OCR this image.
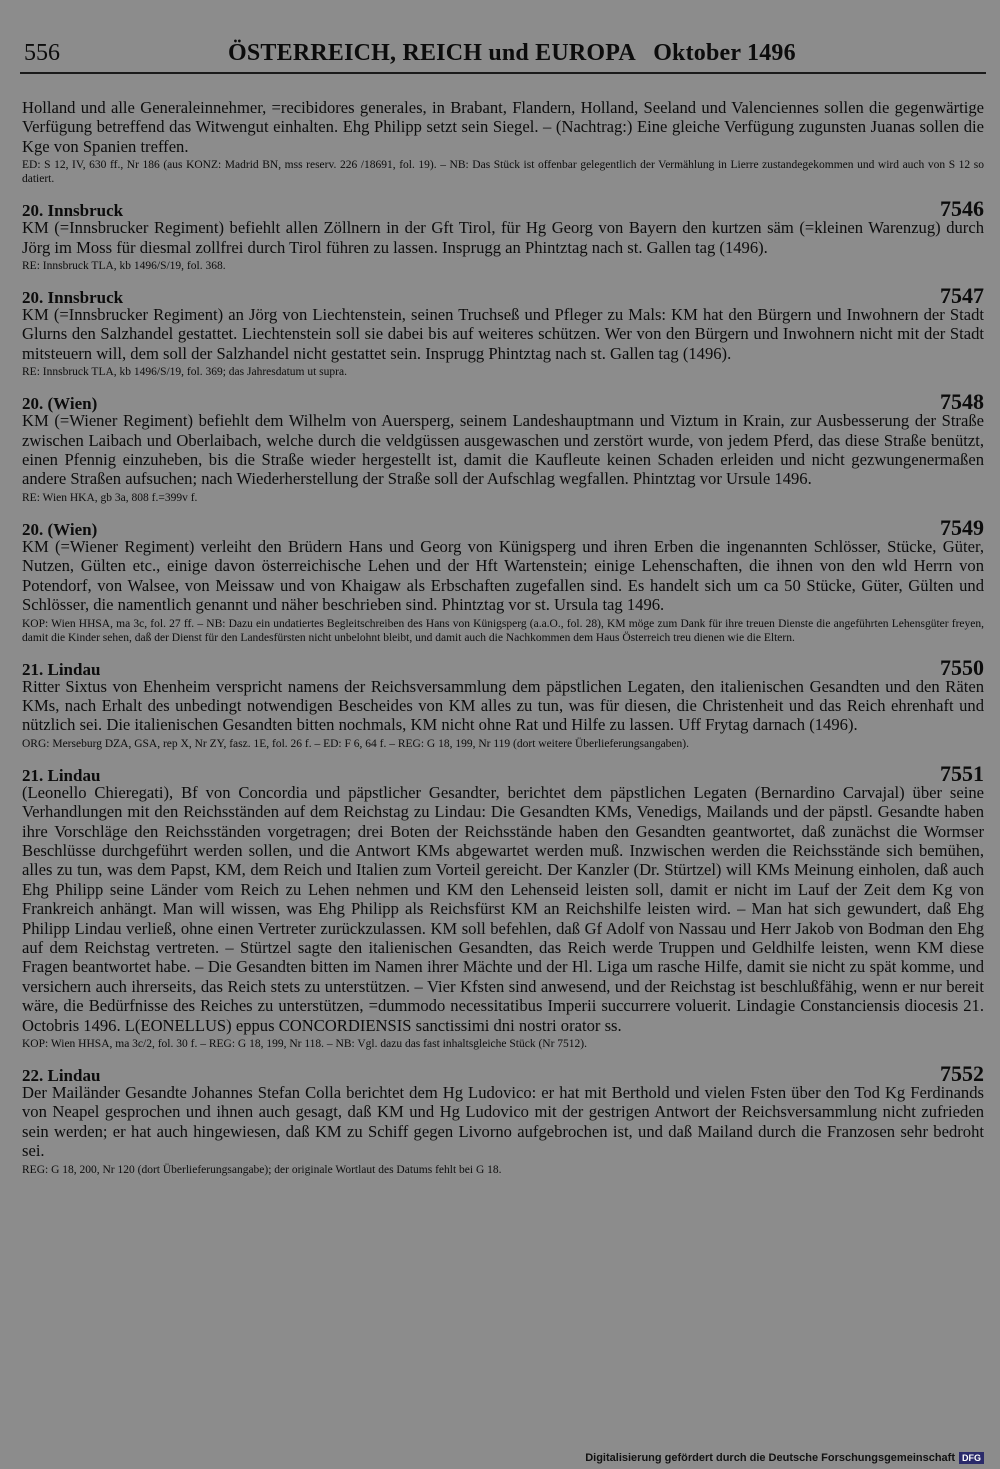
556	ÖSTERREICH, REICH und EUROPA   Oktober 1496

Holland und alle Generaleinnehmer, =recibidores generales, in Brabant, Flandern, Holland, Seeland und Valenciennes sollen die gegenwärtige Verfügung betreffend das Witwengut einhalten. Ehg Philipp setzt sein Siegel. – (Nachtrag:) Eine gleiche Verfügung zugunsten Juanas sollen die Kge von Spanien treffen.

ED: S 12, IV, 630 ff., Nr 186 (aus KONZ: Madrid BN, mss reserv. 226 /18691, fol. 19). – NB: Das Stück ist offenbar gelegentlich der Vermählung in Lierre zustandegekommen und wird auch von S 12 so datiert.

20. Innsbruck	7546

KM (=Innsbrucker Regiment) befiehlt allen Zöllnern in der Gft Tirol, für Hg Georg von Bayern den kurtzen säm (=kleinen Warenzug) durch Jörg im Moss für diesmal zollfrei durch Tirol führen zu lassen. Insprugg an Phintztag nach st. Gallen tag (1496).

RE: Innsbruck TLA, kb 1496/S/19, fol. 368.

20. Innsbruck	7547

KM (=Innsbrucker Regiment) an Jörg von Liechtenstein, seinen Truchseß und Pfleger zu Mals: KM hat den Bürgern und Inwohnern der Stadt Glurns den Salzhandel gestattet. Liechtenstein soll sie dabei bis auf weiteres schützen. Wer von den Bürgern und Inwohnern nicht mit der Stadt mitsteuern will, dem soll der Salzhandel nicht gestattet sein. Insprugg Phintztag nach st. Gallen tag (1496).

RE: Innsbruck TLA, kb 1496/S/19, fol. 369; das Jahresdatum ut supra.

20. (Wien)	7548

KM (=Wiener Regiment) befiehlt dem Wilhelm von Auersperg, seinem Landeshauptmann und Viztum in Krain, zur Ausbesserung der Straße zwischen Laibach und Oberlaibach, welche durch die veldgüssen ausgewaschen und zerstört wurde, von jedem Pferd, das diese Straße benützt, einen Pfennig einzuheben, bis die Straße wieder hergestellt ist, damit die Kaufleute keinen Schaden erleiden und nicht gezwungenermaßen andere Straßen aufsuchen; nach Wiederherstellung der Straße soll der Aufschlag wegfallen. Phintztag vor Ursule 1496.

RE: Wien HKA, gb 3a, 808 f.=399v f.

20. (Wien)	7549

KM (=Wiener Regiment) verleiht den Brüdern Hans und Georg von Künigsperg und ihren Erben die ingenannten Schlösser, Stücke, Güter, Nutzen, Gülten etc., einige davon österreichische Lehen und der Hft Wartenstein; einige Lehenschaften, die ihnen von den wld Herrn von Potendorf, von Walsee, von Meissaw und von Khaigaw als Erbschaften zugefallen sind. Es handelt sich um ca 50 Stücke, Güter, Gülten und Schlösser, die namentlich genannt und näher beschrieben sind. Phintztag vor st. Ursula tag 1496.

KOP: Wien HHSA, ma 3c, fol. 27 ff. – NB: Dazu ein undatiertes Begleitschreiben des Hans von Künigsperg (a.a.O., fol. 28), KM möge zum Dank für ihre treuen Dienste die angeführten Lehensgüter freyen, damit die Kinder sehen, daß der Dienst für den Landesfürsten nicht unbelohnt bleibt, und damit auch die Nachkommen dem Haus Österreich treu dienen wie die Eltern.

21. Lindau	7550

Ritter Sixtus von Ehenheim verspricht namens der Reichsversammlung dem päpstlichen Legaten, den italienischen Gesandten und den Räten KMs, nach Erhalt des unbedingt notwendigen Bescheides von KM alles zu tun, was für diesen, die Christenheit und das Reich ehrenhaft und nützlich sei. Die italienischen Gesandten bitten nochmals, KM nicht ohne Rat und Hilfe zu lassen. Uff Frytag darnach (1496).

ORG: Merseburg DZA, GSA, rep X, Nr ZY, fasz. 1E, fol. 26 f. – ED: F 6, 64 f. – REG: G 18, 199, Nr 119 (dort weitere Überlieferungsangaben).

21. Lindau	7551

(Leonello Chieregati), Bf von Concordia und päpstlicher Gesandter, berichtet dem päpstlichen Legaten (Bernardino Carvajal) über seine Verhandlungen mit den Reichsständen auf dem Reichstag zu Lindau: Die Gesandten KMs, Venedigs, Mailands und der päpstl. Gesandte haben ihre Vorschläge den Reichsständen vorgetragen; drei Boten der Reichsstände haben den Gesandten geantwortet, daß zunächst die Wormser Beschlüsse durchgeführt werden sollen, und die Antwort KMs abgewartet werden muß. Inzwischen werden die Reichsstände sich bemühen, alles zu tun, was dem Papst, KM, dem Reich und Italien zum Vorteil gereicht. Der Kanzler (Dr. Stürtzel) will KMs Meinung einholen, daß auch Ehg Philipp seine Länder vom Reich zu Lehen nehmen und KM den Lehenseid leisten soll, damit er nicht im Lauf der Zeit dem Kg von Frankreich anhängt. Man will wissen, was Ehg Philipp als Reichsfürst KM an Reichshilfe leisten wird. – Man hat sich gewundert, daß Ehg Philipp Lindau verließ, ohne einen Vertreter zurückzulassen. KM soll befehlen, daß Gf Adolf von Nassau und Herr Jakob von Bodman den Ehg auf dem Reichstag vertreten. – Stürtzel sagte den italienischen Gesandten, das Reich werde Truppen und Geldhilfe leisten, wenn KM diese Fragen beantwortet habe. – Die Gesandten bitten im Namen ihrer Mächte und der Hl. Liga um rasche Hilfe, damit sie nicht zu spät komme, und versichern auch ihrerseits, das Reich stets zu unterstützen. – Vier Kfsten sind anwesend, und der Reichstag ist beschlußfähig, wenn er nur bereit wäre, die Bedürfnisse des Reiches zu unterstützen, =dummodo necessitatibus Imperii succurrere voluerit. Lindagie Constanciensis diocesis 21. Octobris 1496. L(EONELLUS) eppus CONCORDIENSIS sanctissimi dni nostri orator ss.

KOP: Wien HHSA, ma 3c/2, fol. 30 f. – REG: G 18, 199, Nr 118. – NB: Vgl. dazu das fast inhaltsgleiche Stück (Nr 7512).

22. Lindau	7552

Der Mailänder Gesandte Johannes Stefan Colla berichtet dem Hg Ludovico: er hat mit Berthold und vielen Fsten über den Tod Kg Ferdinands von Neapel gesprochen und ihnen auch gesagt, daß KM und Hg Ludovico mit der gestrigen Antwort der Reichsversammlung nicht zufrieden sein werden; er hat auch hingewiesen, daß KM zu Schiff gegen Livorno aufgebrochen ist, und daß Mailand durch die Franzosen sehr bedroht sei.

REG: G 18, 200, Nr 120 (dort Überlieferungsangabe); der originale Wortlaut des Datums fehlt bei G 18.

Digitalisierung gefördert durch die Deutsche Forschungsgemeinschaft DFG
